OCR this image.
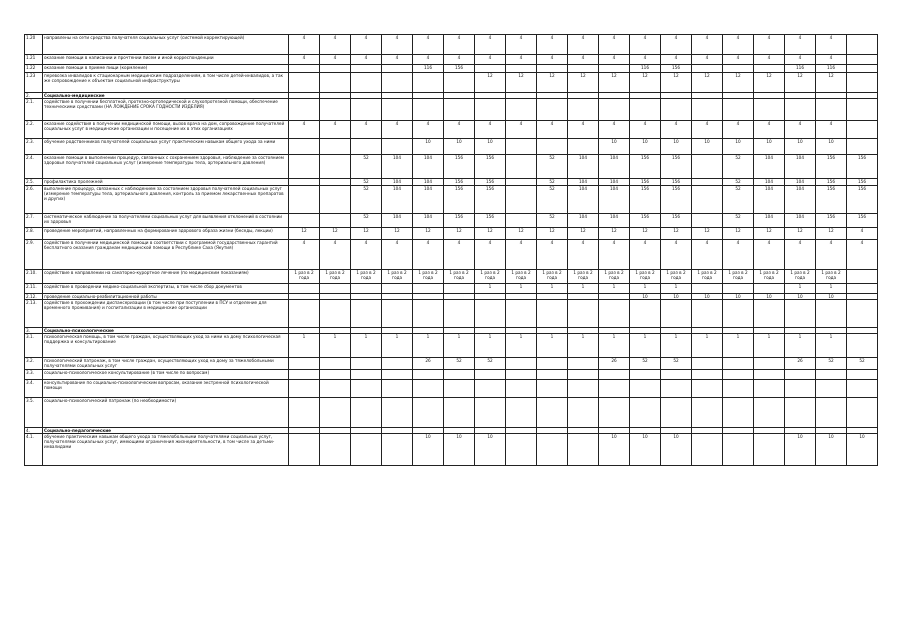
1.20	направлены на сети средства получателя социальных услуг (системой корректирующей)	4	4	4	4	4	4	4	4	4	4	4	4	4	4	4	4	4	4		
1.21	оказание помощи в написании и прочтении писем и иной корреспонденции	4	4	4	4	4	4	4	4	4	4	4	4	4	4	4	4	4	4		
1.22	оказание помощи в приеме пищи (кормление)					116	156						116	156				116	116		
1.23	перевозка инвалидов к стационарным медицинским подразделениям, в том числе детей-инвалидов, а так же сопровождение к объектам социальной инфраструктуры							12	12	12	12	12	12	12	12	12	12	12	12		
2.	Социально-медицинские																				
2.1.	содействие в получении бесплатной, протезно-ортопедической и слухопротезной помощи, обеспечение техническими средствами (НА ЛОЖДЕНИЕ СРОКА ГОДНОСТИ ИЗДЕЛИЯ)																				
2.2.	оказание содействия в получении медицинской помощи, вызов врача на дом, сопровождение получателей социальных услуг в медицинские организации и посещение их в этих организациях	4	4	4	4	4	4	4	4	4	4	4	4	4	4	4	4	4	4		
2.3.	обучение родственников получателей социальных услуг практическим навыкам общего ухода за ними					10	10	10				10	10	10	10	10	10	10	10		
2.4.	оказание помощи в выполнении процедур, связанных с сохранением здоровья, наблюдение за состоянием здоровья получателей социальных услуг (измерение температуры тела, артериального давления)			52	104	104	156	156		52	104	104	156	156		52	104	104	156	156	
2.5.	профилактика пролежней			52	104	104	156	156		52	104	104	156	156		52	104	104	156	156	
2.6.	выполнение процедур, связанных с наблюдением за состоянием здоровья получателей социальных услуг (измерение температуры тела, артериального давления, контроль за приемом лекарственных препаратов и других)			52	104	104	156	156		52	104	104	156	156		52	104	104	156	156	
2.7.	систематическое наблюдение за получателями социальных услуг для выявления отклонений в состоянии их здоровья			52	104	104	156	156		52	104	104	156	156		52	104	104	156	156	
2.8.	проведение мероприятий, направленных на формирование здорового образа жизни (беседы, лекции)	12	12	12	12	12	12	12	12	12	12	12	12	12	12	12	12	12	12	4	
2.9.	содействие в получении медицинской помощи в соответствии с программой государственных гарантий бесплатного оказания гражданам медицинской помощи в Республике Саха (Якутия)	4	4	4	4	4	4	4	4	4	4	4	4	4	4	4	4	4	4	4	
2.10.	содействие в направлении на санаторно-курортное лечение (по медицинским показаниям)	1 раз в 2 года	1 раз в 2 года	1 раз в 2 года	1 раз в 2 года	1 раз в 2 года	1 раз в 2 года	1 раз в 2 года	1 раз в 2 года	1 раз в 2 года	1 раз в 2 года	1 раз в 2 года	1 раз в 2 года	1 раз в 2 года	1 раз в 2 года	1 раз в 2 года	1 раз в 2 года	1 раз в 2 года	1 раз в 2 года		
2.11.	содействие в проведении медико-социальной экспертизы, в том числе сбор документов							1	1	1	1	1	1	1				1	1		
2.12.	проведение социально-реабилитационной работы												10	10	10	10	10	10	10		
2.13.	содействие в прохождении диспансеризации (в том числе при поступлении в ПСУ и отделение для временного проживания) и госпитализации в медицинские организации																				
3.	Социально-психологические																				
3.1.	психологическая помощь, в том числе граждан, осуществляющих уход за ними на дому психологическая поддержка и консультирование	1	1	1	1	1	1	1	1	1	1	1	1	1	1	1	1	1	1		
3.2.	психологический патронаж, в том числе граждан, осуществляющих уход на дому за тяжелобольными получателями социальных услуг					26	52	52				26	52	52				26	52	52	
3.3.	социально-психологическое консультирование (в том числе по вопросам)																				
3.4.	консультирование по социально-психологическим вопросам, оказание экстренной психологической помощи																				
3.5.	социально-психологический патронаж (по необходимости)																				
4.	Социально-педагогические																				
4.1.	обучение практическим навыкам общего ухода за тяжелобольными получателями социальных услуг, получателями социальных услуг, имеющими ограничения жизнедеятельности, в том числе за детьми-инвалидами					10	10	10				10	10	10				10	10	10	
